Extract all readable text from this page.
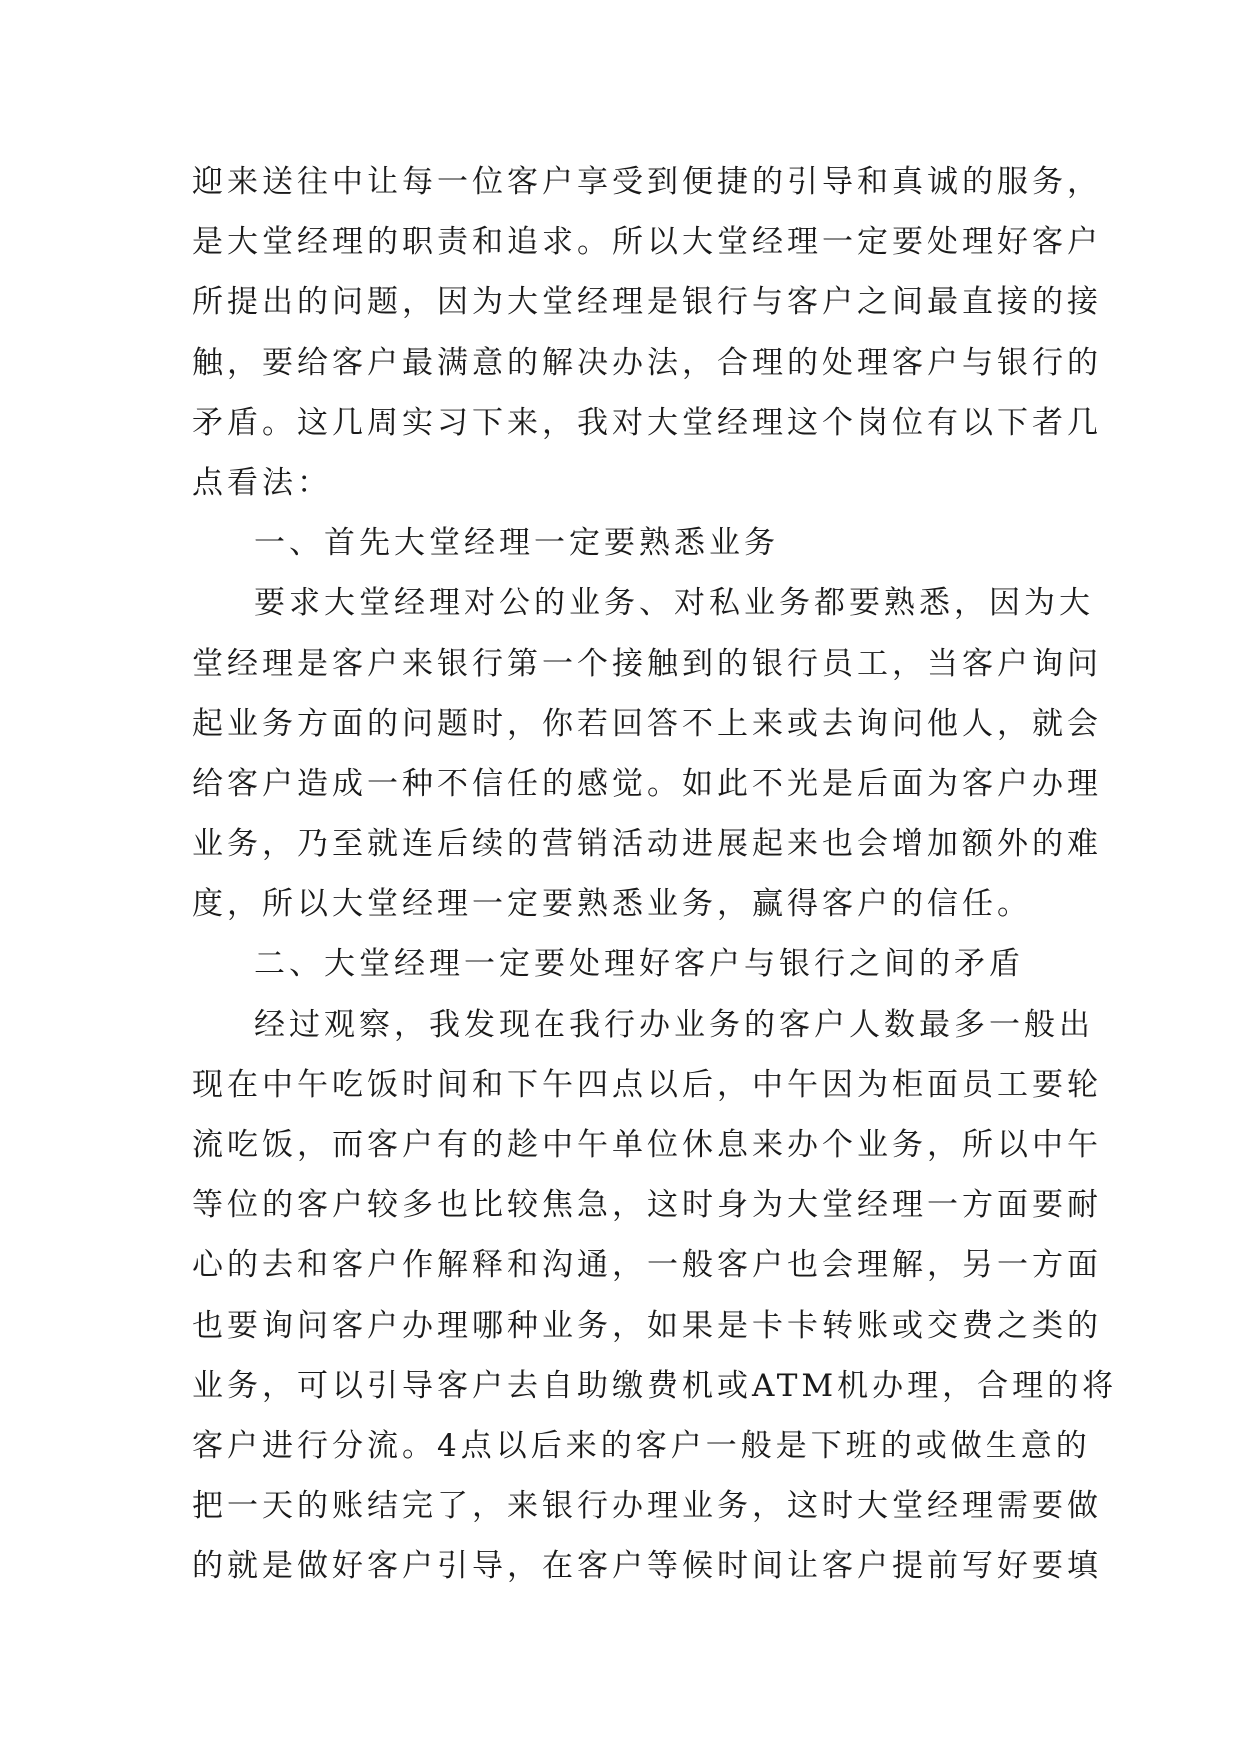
迎来送往中让每一位客户享受到便捷的引导和真诚的服务，
是大堂经理的职责和追求。所以大堂经理一定要处理好客户
所提出的问题，因为大堂经理是银行与客户之间最直接的接
触，要给客户最满意的解决办法，合理的处理客户与银行的
矛盾。这几周实习下来，我对大堂经理这个岗位有以下者几
点看法：
一、首先大堂经理一定要熟悉业务
要求大堂经理对公的业务、对私业务都要熟悉，因为大
堂经理是客户来银行第一个接触到的银行员工，当客户询问
起业务方面的问题时，你若回答不上来或去询问他人，就会
给客户造成一种不信任的感觉。如此不光是后面为客户办理
业务，乃至就连后续的营销活动进展起来也会增加额外的难
度，所以大堂经理一定要熟悉业务，赢得客户的信任。
二、大堂经理一定要处理好客户与银行之间的矛盾
经过观察，我发现在我行办业务的客户人数最多一般出
现在中午吃饭时间和下午四点以后，中午因为柜面员工要轮
流吃饭，而客户有的趁中午单位休息来办个业务，所以中午
等位的客户较多也比较焦急，这时身为大堂经理一方面要耐
心的去和客户作解释和沟通，一般客户也会理解，另一方面
也要询问客户办理哪种业务，如果是卡卡转账或交费之类的
业务，可以引导客户去自助缴费机或ATM机办理，合理的将
客户进行分流。4点以后来的客户一般是下班的或做生意的
把一天的账结完了，来银行办理业务，这时大堂经理需要做
的就是做好客户引导，在客户等候时间让客户提前写好要填
